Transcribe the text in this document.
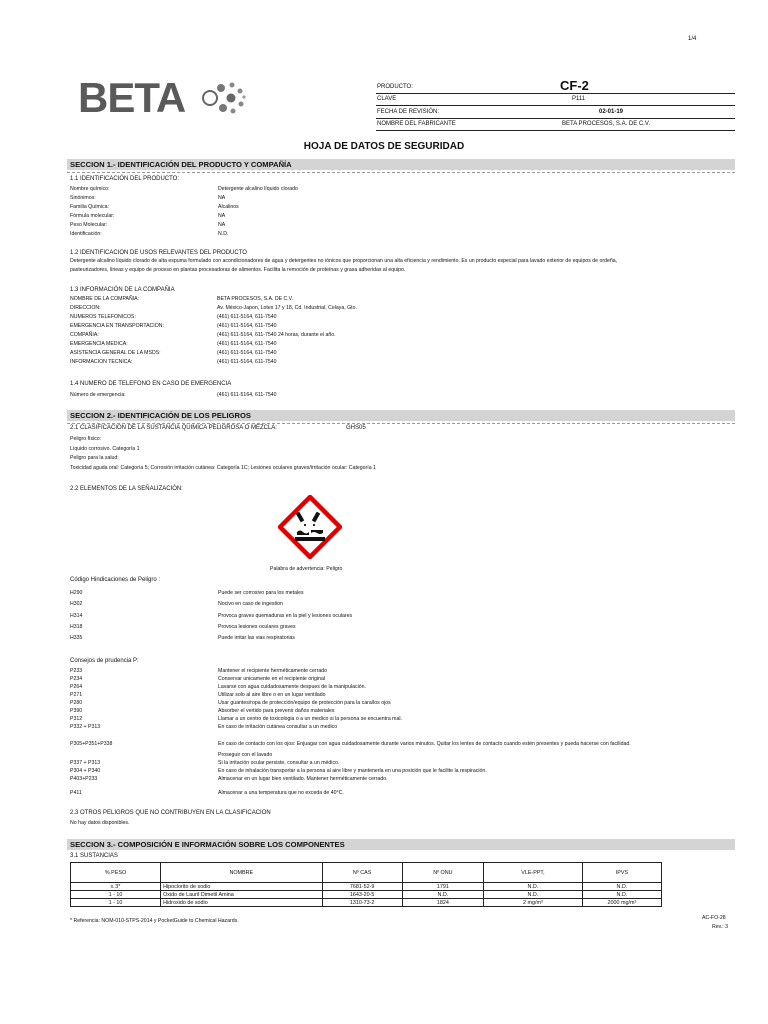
1/4
BETA	PRODUCTO:	CF-2
CLAVE	P111
FECHA DE REVISIÓN:	02-01-19
NOMBRE DEL FABRICANTE	BETA PROCESOS, S.A. DE C.V.
HOJA DE DATOS DE SEGURIDAD
SECCION 1.- IDENTIFICACIÓN DEL PRODUCTO Y COMPAÑÍA
1.1 IDENTIFICACIÓN DEL PRODUCTO:
Nombre químico:	Detergente alcalino líquido clorado
Sinónimos:	NA
Familia Química:	Alcalinos
Fórmula molecular:	NA
Peso Molecular:	NA
Identificación:	N.D.
1.2 IDENTIFICACION DE USOS RELEVANTES DEL PRODUCTO
Detergente alcalino líquido clorado de alta espuma formulado con acondicionadores de agua y detergentes no iónicos que proporcionan una alta eficiencia y rendimiento. Es un producto especial para lavado exterior de equipos de ordeña,
pasteurizadores, líneas y equipo de proceso en plantas procesadoras de alimentos. Facilita la remoción de proteínas y grasa adheridas al equipo.
1.3 INFORMACIÓN DE LA COMPAÑIA
NOMBRE DE LA COMPAÑIA:	BETA PROCESOS, S.A. DE C.V.
DIRECCION:	Av. México-Japon, Lotes 17 y 18, Cd. Industrial, Celaya, Gto.
NUMEROS TELEFONICOS:	(461) 611-5164, 611-7540
EMERGENCIA EN TRANSPORTACION:	(461) 611-5164, 611-7540
COMPAÑIA:	(461) 611-5164, 611-7540 24 horas, durante el año.
EMERGENCIA MEDICA:	(461) 611-5164, 611-7540
ASISTENCIA GENERAL DE LA MSDS:	(461) 611-5164, 611-7540
INFORMACION TECNICA:	(461) 611-5164, 611-7540
1.4 NUMERO DE TELEFONO EN CASO DE EMERGENCIA
Número de emergencia:	(461) 611-5164, 611-7540
SECCION 2.- IDENTIFICACIÓN DE LOS PELIGROS
2.1 CLASIFICACION DE LA SUSTANCIA QUIMICA PELIGROSA O MEZCLA:	GHS05
Peligro físico:
Líquido corrosivo. Categoría 1
Peligro para la salud:
Toxicidad aguda oral: Categoría 5; Corrosión irritación cutánea: Categoría 1C; Lesiones oculares graves/irritación ocular: Categoría 1
2.2 ELEMENTOS DE LA SEÑALIZACIÓN:
Palabra de advertencia: Peligro
Código Hindicaciones de Peligro :
H290	Puede ser corrosivo para los metales
H302	Nocivo en caso de ingestion
H314	Provoca graves quemaduras en la piel y lesiones oculares
H318	Provoca lesiones oculares graves
H335	Puede irritar las vias respiratorias
Consejos de prudencia P:
P233	Mantener el recipiente herméticamente cerrado
P234	Conservar unicamente en el recipiente original
P264	Lavarse con agua cuidadosamente despues de la manipulación.
P271	Utilizar solo al aire libre o en un lugar ventilado
P280	Usar guantes/ropa de protección/equipo de protección para la cara/los ojos
P390	Absorber el vertido para prevenir daños materiales
P312	Llamar a un centro de toxicologia o a un medico si la persona se encuentra mal.
P332 + P313	En caso de irritación cutánea consultar a un medico
P305+P351+P338	En caso de contacto con los ojos: Enjuagar con agua cuidadosamente durante varios minutos. Quitar los lentes de contacto cuando estén presentes y pueda hacerse con facilidad.
Proseguir con el lavado
P337 + P313	Si la irritación ocular persiste, consultar a un médico.
P304 + P340	En caso de inhalación transportar a la persona al aire libre y mantenerla en una posición que le facilite la respiración.
P403+P233	Almacenar en un lugar bien ventilado. Mantener herméticamente cerrado.
P411	Almacenar a una temperatura que no exceda de 40°C.
2.3 OTROS PELIGROS QUE NO CONTRIBUYEN EN LA CLASIFICACION
No hay datos disponibles.
SECCION 3.- COMPOSICIÓN E INFORMACIÓN SOBRE LOS COMPONENTES
3.1 SUSTANCIAS
% PESO	NOMBRE	Nº CAS	Nº ONU	VLE-PPT,	IPVS
≤ 3*	Hipoclorito de sodio	7681-52-9	1791	N.D.	N.D.
1 - 10	Oxido de Lauril Dimetil Amina	1643-20-5	N.D.	N.D.	N.D.
1 - 10	Hidroxido de sodio	1310-73-2	1824	2 mg/m³	2000 mg/m³
* Referencia: NOM-010-STPS-2014 y PocketGuide to Chemical Hazards.	AC-FO-28
Rev.: 3
